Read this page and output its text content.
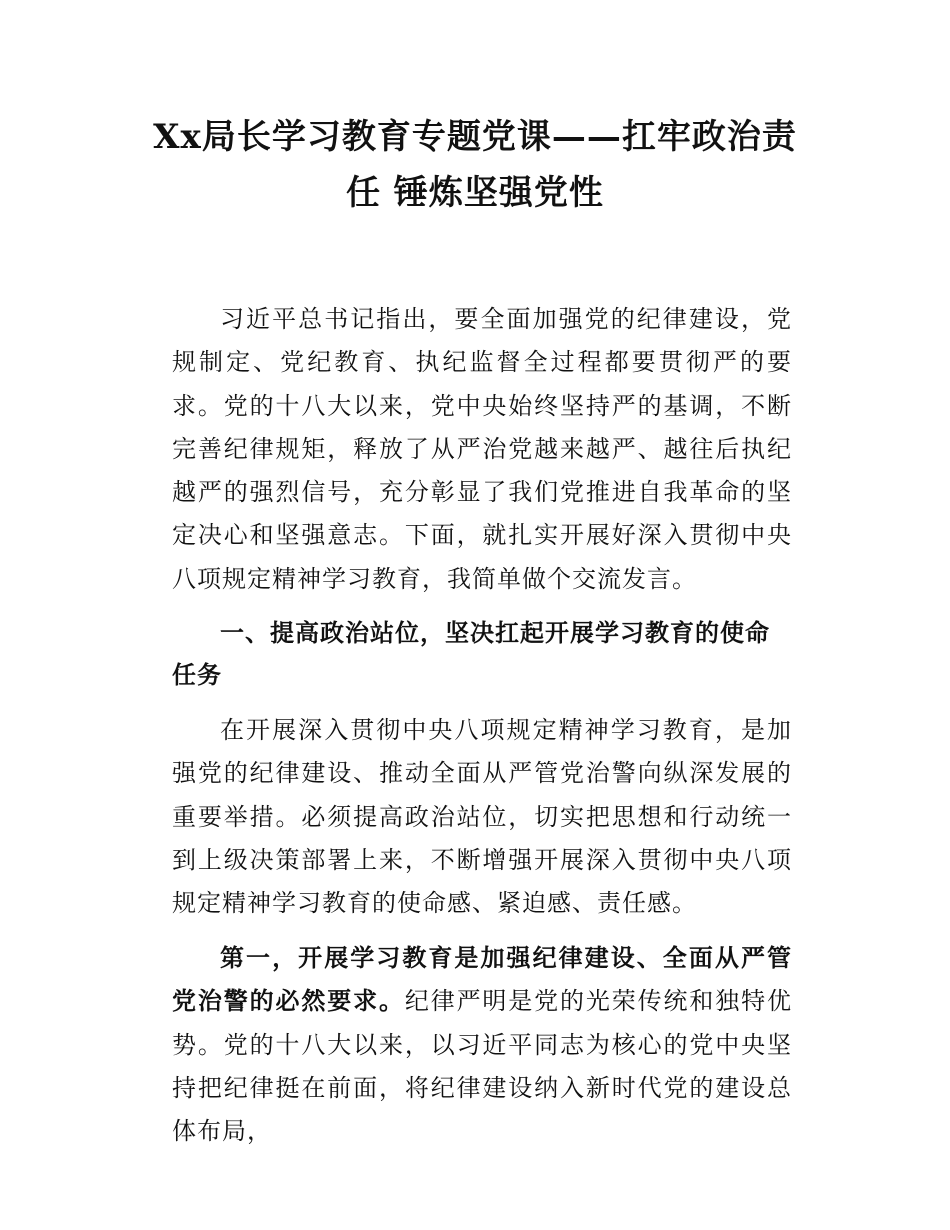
Xx局长学习教育专题党课——扛牢政治责任 锤炼坚强党性

习近平总书记指出，要全面加强党的纪律建设，党规制定、党纪教育、执纪监督全过程都要贯彻严的要求。党的十八大以来，党中央始终坚持严的基调，不断完善纪律规矩，释放了从严治党越来越严、越往后执纪越严的强烈信号，充分彰显了我们党推进自我革命的坚定决心和坚强意志。下面，就扎实开展好深入贯彻中央八项规定精神学习教育，我简单做个交流发言。

一、提高政治站位，坚决扛起开展学习教育的使命任务

在开展深入贯彻中央八项规定精神学习教育，是加强党的纪律建设、推动全面从严管党治警向纵深发展的重要举措。必须提高政治站位，切实把思想和行动统一到上级决策部署上来，不断增强开展深入贯彻中央八项规定精神学习教育的使命感、紧迫感、责任感。

第一，开展学习教育是加强纪律建设、全面从严管党治警的必然要求。纪律严明是党的光荣传统和独特优势。党的十八大以来，以习近平同志为核心的党中央坚持把纪律挺在前面，将纪律建设纳入新时代党的建设总体布局，
